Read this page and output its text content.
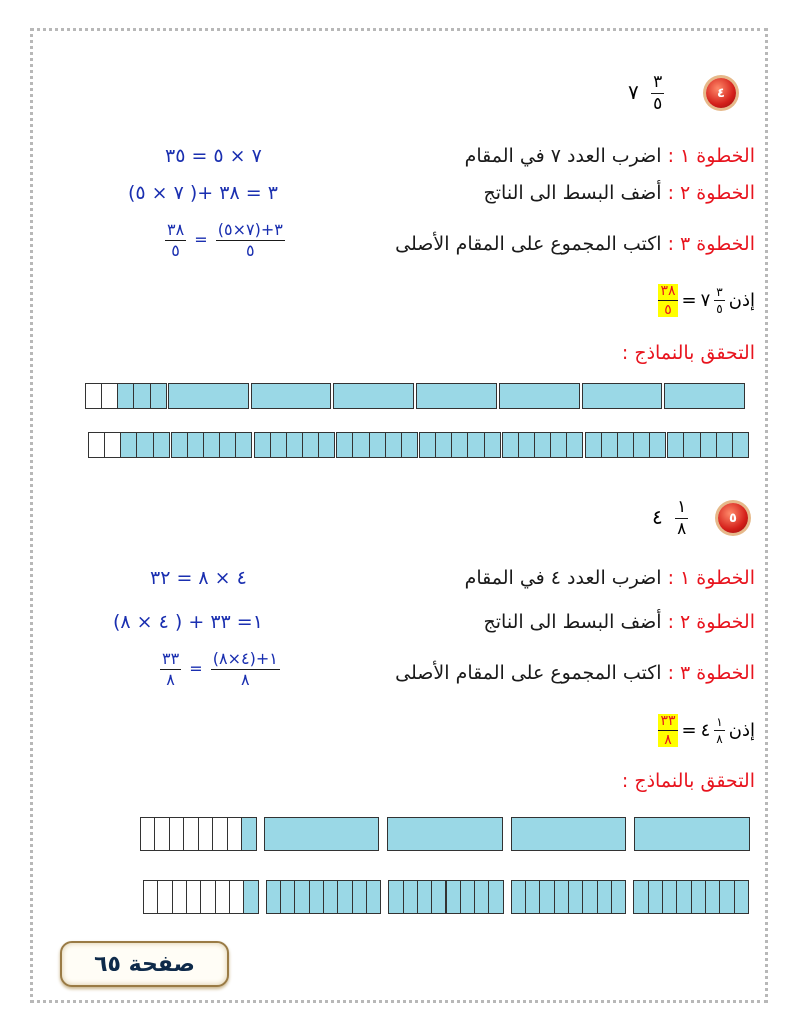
٤
٧ $\frac{٣}{٥}$
الخطوة ١ : اضرب العدد ٧ في المقام
٧ × ٥ = ٣٥
الخطوة ٢ : أضف البسط الى الناتج
(٧ × ٥ )+ ٣ = ٣٨
الخطوة ٣ : اكتب المجموع على المقام الأصلى
$\frac{٣٨}{٥} = \frac{(٧\times ٥)+٣}{٥}$
$\frac{٣٨}{٥}$ = ٧ $\frac{٣}{٥}$ إذن
التحقق بالنماذج :
٥
٤ $\frac{١}{٨}$
الخطوة ١ : اضرب العدد ٤ في المقام
٤ × ٨ = ٣٢
الخطوة ٢ : أضف البسط الى الناتج
(٤ × ٨ ) + ١= ٣٣
الخطوة ٣ : اكتب المجموع على المقام الأصلى
$\frac{٣٣}{٨} = \frac{(٤\times ٨)+١}{٨}$
$\frac{٣٣}{٨}$ = ٤ $\frac{١}{٨}$ إذن
التحقق بالنماذج :
صفحة ٦٥
